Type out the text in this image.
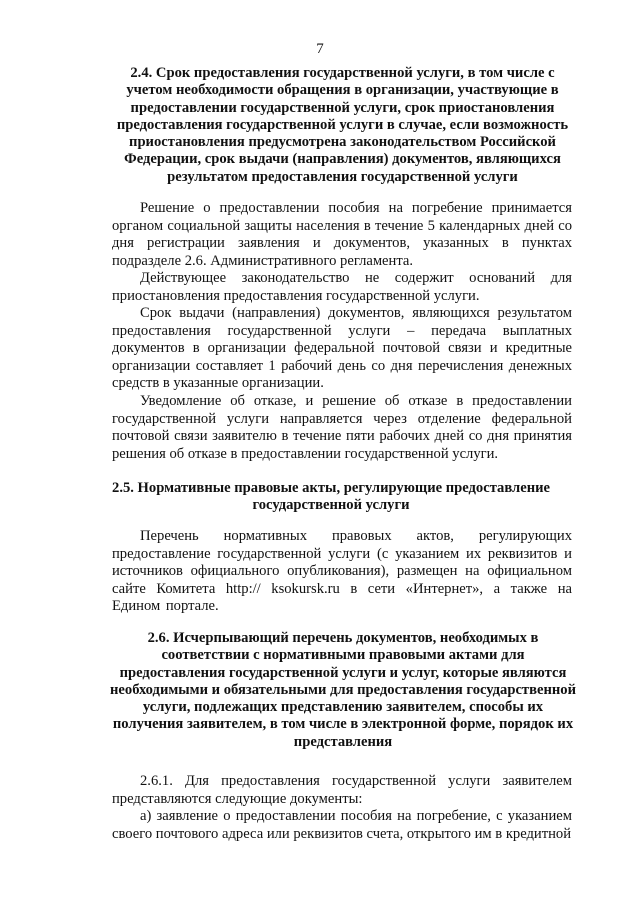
7

2.4. Срок предоставления государственной услуги, в том числе с учетом необходимости обращения в организации, участвующие в предоставлении государственной услуги, срок приостановления предоставления государственной услуги в случае, если возможность приостановления предусмотрена законодательством Российской Федерации, срок выдачи (направления) документов, являющихся результатом предоставления государственной услуги

Решение о предоставлении пособия на погребение принимается органом социальной защиты населения в течение 5 календарных дней со дня регистрации заявления и документов, указанных в пунктах подразделе 2.6. Административного регламента.

Действующее законодательство не содержит оснований для приостановления предоставления государственной услуги.

Срок выдачи (направления) документов, являющихся результатом предоставления государственной услуги – передача выплатных документов в организации федеральной почтовой связи и кредитные организации составляет 1 рабочий день со дня перечисления денежных средств в указанные организации.

Уведомление об отказе, и решение об отказе в предоставлении государственной услуги направляется через отделение федеральной почтовой связи заявителю в течение пяти рабочих дней со дня принятия решения об отказе в предоставлении государственной услуги.

2.5. Нормативные правовые акты, регулирующие предоставление государственной услуги

Перечень нормативных правовых актов, регулирующих предоставление государственной услуги (с указанием их реквизитов и источников официального опубликования), размещен на официальном сайте Комитета http:// ksokursk.ru в сети «Интернет», а также на Едином портале.

2.6. Исчерпывающий перечень документов, необходимых в соответствии с нормативными правовыми актами для предоставления государственной услуги и услуг, которые являются необходимыми и обязательными для предоставления государственной услуги, подлежащих представлению заявителем, способы их получения заявителем, в том числе в электронной форме, порядок их представления

2.6.1. Для предоставления государственной услуги заявителем представляются следующие документы:

а) заявление о предоставлении пособия на погребение, с указанием своего почтового адреса или реквизитов счета, открытого им в кредитной
